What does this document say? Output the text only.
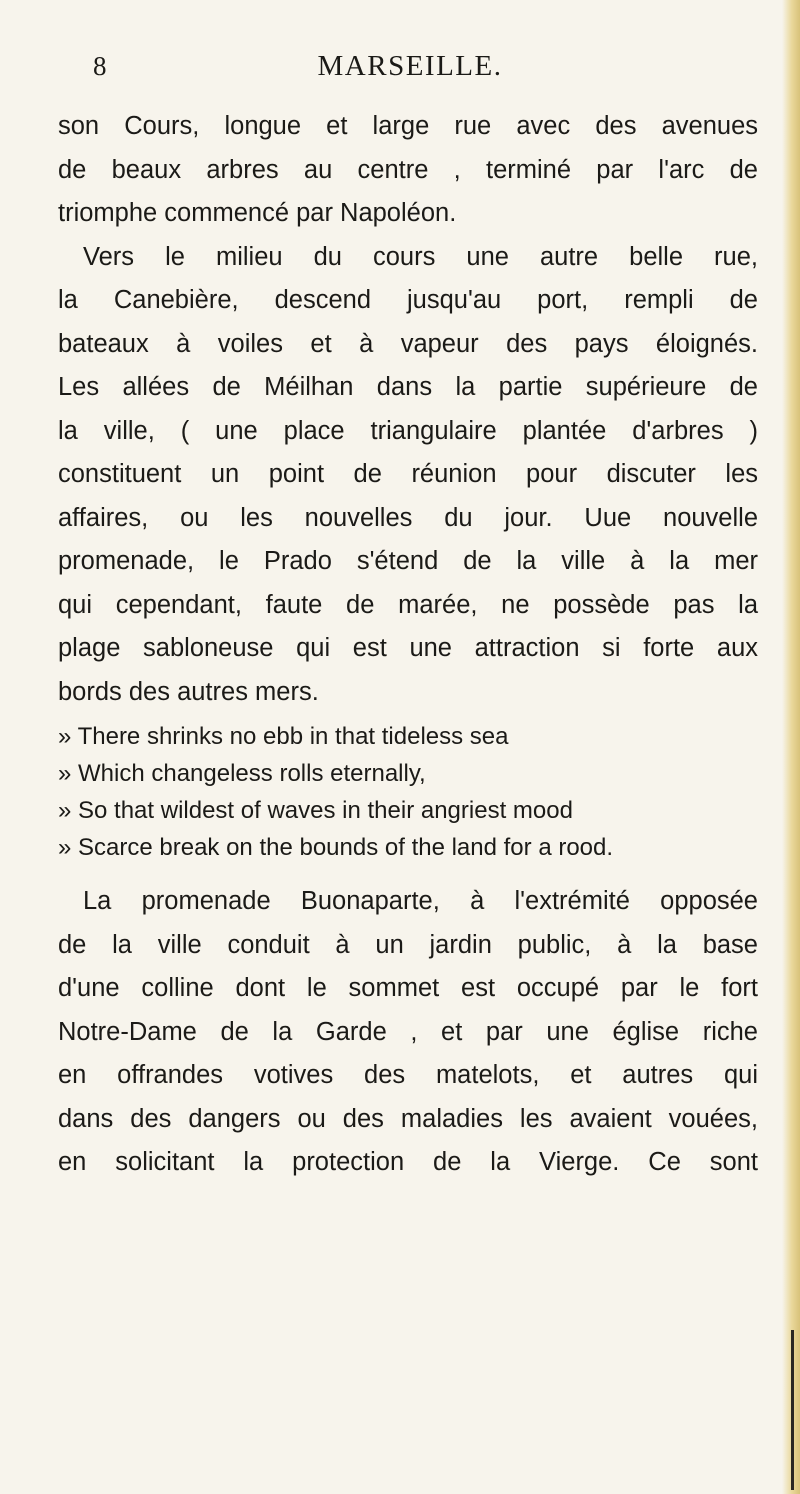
8	MARSEILLE.
son Cours, longue et large rue avec des avenues
de beaux arbres au centre , terminé par l'arc de
triomphe commencé par Napoléon.
Vers le milieu du cours une autre belle rue,
la Canebière, descend jusqu'au port, rempli de
bateaux à voiles et à vapeur des pays éloignés.
Les allées de Méilhan dans la partie supérieure de
la ville, ( une place triangulaire plantée d'arbres )
constituent un point de réunion pour discuter les
affaires, ou les nouvelles du jour. Uue nouvelle
promenade, le Prado s'étend de la ville à la mer
qui cependant, faute de marée, ne possède pas la
plage sabloneuse qui est une attraction si forte aux
bords des autres mers.
» There shrinks no ebb in that tideless sea
» Which changeless rolls eternally,
» So that wildest of waves in their angriest mood
» Scarce break on the bounds of the land for a rood.
La promenade Buonaparte, à l'extrémité opposée
de la ville conduit à un jardin public, à la base
d'une colline dont le sommet est occupé par le fort
Notre-Dame de la Garde , et par une église riche
en offrandes votives des matelots, et autres qui
dans des dangers ou des maladies les avaient vouées,
en solicitant la protection de la Vierge. Ce sont
